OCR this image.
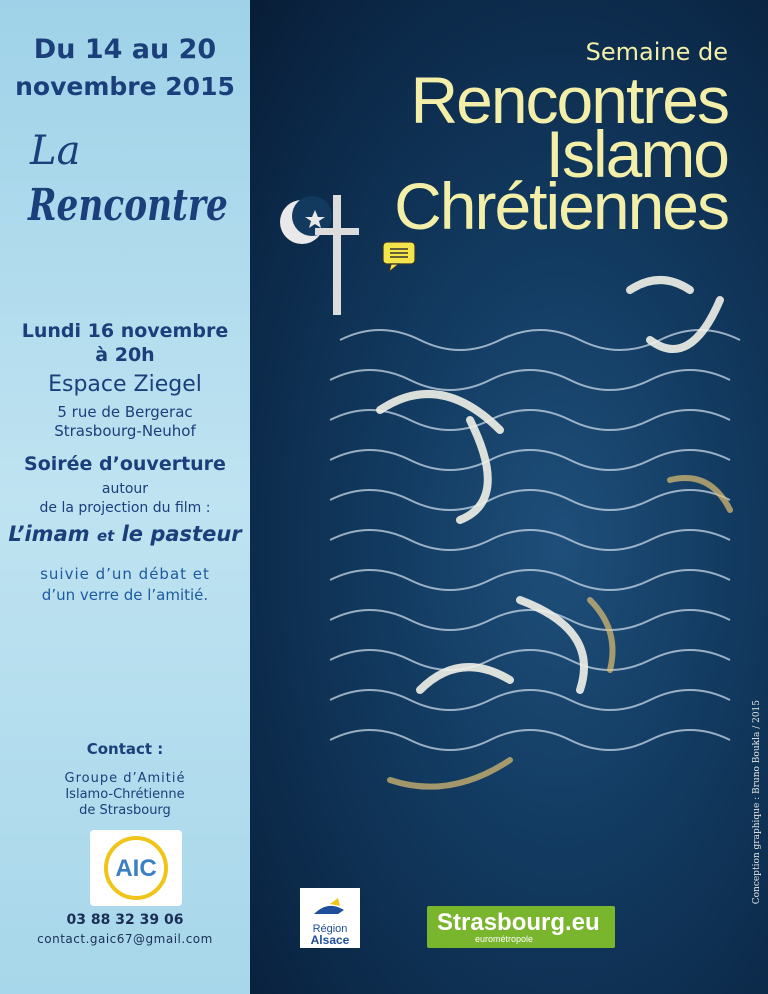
Du 14 au 20
novembre 2015
La
Rencontre
Lundi 16 novembre
à 20h
Espace Ziegel
5 rue de Bergerac
Strasbourg-Neuhof
Soirée d’ouverture
autour
de la projection du film :
L’imam et le pasteur
suivie d’un débat et
d’un verre de l’amitié.
Contact :
Groupe d’Amitié
Islamo-Chrétienne
de Strasbourg
AIC
03 88 32 39 06
contact.gaic67@gmail.com
Semaine de
Rencontres
Islamo
Chrétiennes
Conception graphique : Bruno Boukla / 2015
Région
Alsace
Strasbourg.eu
eurométropole
